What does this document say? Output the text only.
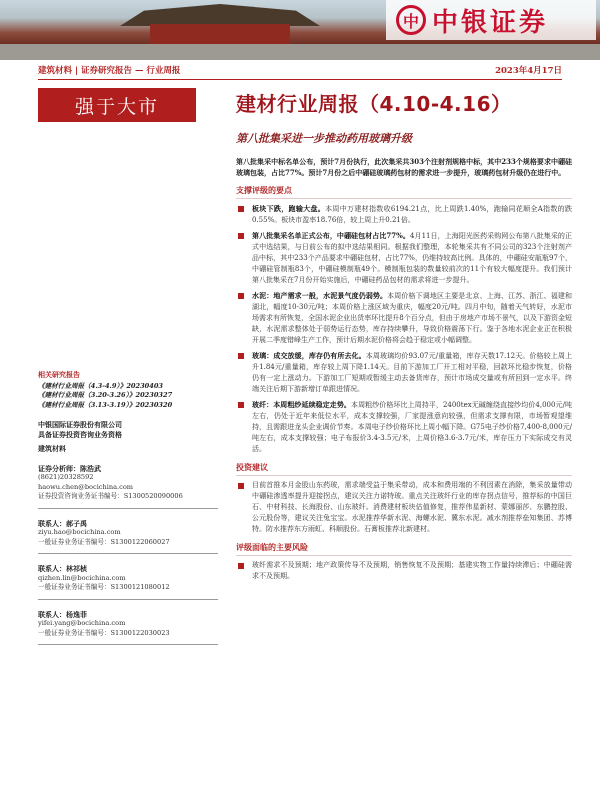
中 中银证券
建筑材料 | 证券研究报告 — 行业周报	2023年4月17日
强于大市	建材行业周报（4.10-4.16）
第八批集采进一步推动药用玻璃升级

第八批集采中标名单公布，预计7月份执行，此次集采共303个注射剂规格中标，其中233个规格要求中硼硅玻璃包装，占比77%。预计7月份之后中硼硅玻璃药包材的需求进一步提升，玻璃药包材升级仍在进行中。

支撑评级的要点
板块下跌，跑输大盘。本周中万建材指数收6194.21点，比上周跌1.40%，跑输同花顺全A指数的跌0.55%。板块市盈率18.76倍，较上周上升0.21倍。
第八批集采名单正式公布，中硼硅包材占比77%。4月11日，上海阳光医药采购网公布第八批集采的正式中选结果，与日前公布的拟中选结果相同。根据我们整理，本轮集采共有不同公司的323个注射剂产品中标，其中233个产品要求中硼硅包材，占比77%，仍维持较高比例。具体的，中硼硅安瓿瓶97个，中硼硅管制瓶83个，中硼硅模制瓶49个。模制瓶包装的数量较前次的11个有较大幅度提升。我们预计第八批集采在7月份开始实施后，中硼硅药品包材的需求将进一步提升。
水泥：地产需求一般，水泥景气度仍弱势。本周价格下调地区主要是北京、上海、江苏、浙江、福建和湖北，幅度10-30元/吨；本周价格上涨区域为重庆，幅度20元/吨。四月中旬，随着天气转好，水泥市场需求有所恢复，全国水泥企业出货率环比提升8个百分点，但由于房地产市场不景气，以及下游资金短缺，水泥需求整体处于弱势运行态势，库存持续攀升，导致价格震荡下行。鉴于各地水泥企业正在积极开展二季度错峰生产工作，预计后期水泥价格将会趋于稳定或小幅调整。
玻璃：成交放缓，库存仍有所去化。本周玻璃均价93.07元/重量箱，库存天数17.12天。价格较上周上升1.84元/重量箱，库存较上周下降1.14天。目前下游加工厂开工相对平稳，回款环比稳步恢复，价格仍有一定上涨动力。下游加工厂短期或暂缓主动去备货库存，预计市场成交量或有所回到一定水平。终端关注后期下游新增订单跟进情况。
玻纤：本周粗纱延续稳定走势。本周粗纱价格环比上周持平，2400tex无碱缠绕直接纱均价4,000元/吨左右，仍处于近年来低位水平，成本支撑较强，厂家提涨意向较强，但需求支撑有限，市场暂观望维持，且需跟进龙头企业调价节奏。本周电子纱价格环比上周小幅下降。G75电子纱价格7,400-8,000元/吨左右，成本支撑较强；电子布报价3.4-3.5元/米，上周价格3.6-3.7元/米，库存压力下实际成交有灵活。
投资建议
目前首推本月金股山东药玻，需求端受益于集采带动，成本和费用端的不利因素在消除，集采放量带动中硼硅渗透率提升迎接拐点，建议关注力诺特玻。重点关注玻纤行业的库存拐点信号，推荐标的中国巨石、中材科技、长海股份、山东玻纤。消费建材板块估值修复，推荐伟星新材、蒙娜丽莎、东鹏控股、公元股份等，建议关注兔宝宝。水泥推荐华新水泥、海螺水泥、冀东水泥。减水剂推荐垒知集团、苏博特。防水推荐东方雨虹、科顺股份。石膏板推荐北新建材。
评级面临的主要风险
玻纤需求不及预期；地产政策传导不及预期，销售恢复不及预期；基建实物工作量持续滞后；中硼硅需求不及预期。
相关研究报告
《建材行业周报（4.3-4.9）》20230403
《建材行业周报（3.20-3.26）》20230327
《建材行业周报（3.13-3.19）》20230320
中银国际证券股份有限公司
具备证券投资咨询业务资格
建筑材料
证券分析师：陈浩武
(8621)20328592
haowu.chen@bocichina.com
证券投资咨询业务证书编号：S1300520090006
联系人：郝子禹
ziyu.hao@bocichina.com
一般证券业务证书编号：S1300122060027
联系人：林祁桢
qizhen.lin@bocichina.com
一般证券业务证书编号：S1300121080012
联系人：杨逸菲
yifei.yang@bocichina.com
一般证券业务证书编号：S1300122030023
